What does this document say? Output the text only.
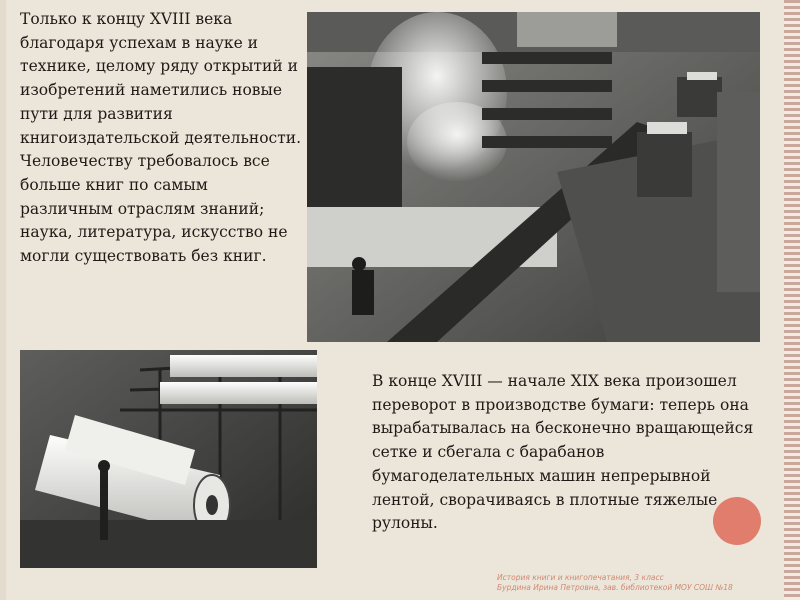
Только к концу XVIII века благодаря успехам в науке и технике, целому ряду открытий и изобретений наметились новые пути для развития книгоиздательской деятельности. Человечеству требовалось все больше книг по самым различным отраслям знаний; наука, литература, искусство не могли существовать без книг.

В конце XVIII — начале XIX века произошел переворот в производстве бумаги: теперь она вырабатывалась на бесконечно вращающейся сетке и сбегала с барабанов бумагоделательных машин непрерывной лентой, сворачиваясь в плотные тяжелые рулоны.

История книги и книгопечатания, 3 класс
Бурдина Ирина Петровна, зав. библиотекой МОУ СОШ №18
